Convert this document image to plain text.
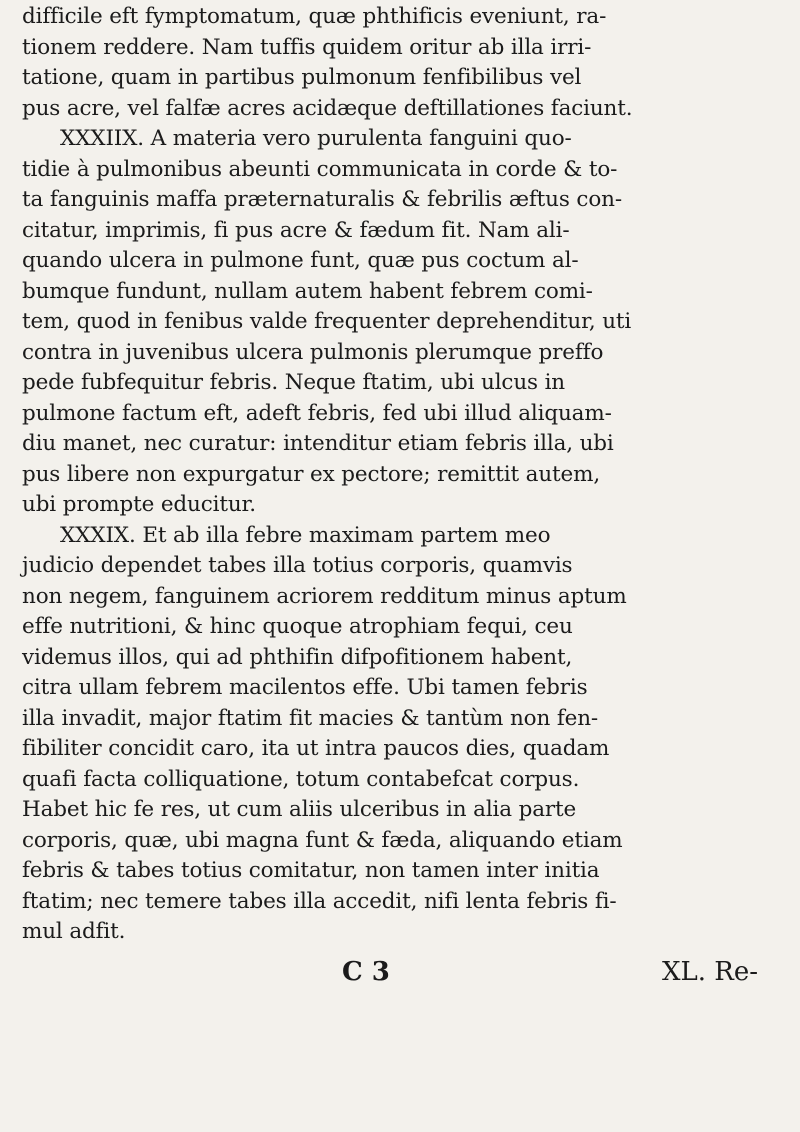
difficile eft fymptomatum, quæ phthificis eveniunt, ra-
tionem reddere. Nam tuffis quidem oritur ab illa irri-
tatione, quam in partibus pulmonum fenfibilibus vel
pus acre, vel falfæ acres acidæque deftillationes faciunt.
XXXIIX. A materia vero purulenta fanguini quo-
tidie à pulmonibus abeunti communicata in corde & to-
ta fanguinis maffa præternaturalis & febrilis æftus con-
citatur, imprimis, fi pus acre & fædum fit. Nam ali-
quando ulcera in pulmone funt, quæ pus coctum al-
bumque fundunt, nullam autem habent febrem comi-
tem, quod in fenibus valde frequenter deprehenditur, uti
contra in juvenibus ulcera pulmonis plerumque preffo
pede fubfequitur febris. Neque ftatim, ubi ulcus in
pulmone factum eft, adeft febris, fed ubi illud aliquam-
diu manet, nec curatur: intenditur etiam febris illa, ubi
pus libere non expurgatur ex pectore; remittit autem,
ubi prompte educitur.
XXXIX. Et ab illa febre maximam partem meo
judicio dependet tabes illa totius corporis, quamvis
non negem, fanguinem acriorem redditum minus aptum
effe nutritioni, & hinc quoque atrophiam fequi, ceu
videmus illos, qui ad phthifin difpofitionem habent,
citra ullam febrem macilentos effe. Ubi tamen febris
illa invadit, major ftatim fit macies & tantùm non fen-
fibiliter concidit caro, ita ut intra paucos dies, quadam
quafi facta colliquatione, totum contabefcat corpus.
Habet hic fe res, ut cum aliis ulceribus in alia parte
corporis, quæ, ubi magna funt & fæda, aliquando etiam
febris & tabes totius comitatur, non tamen inter initia
ftatim; nec temere tabes illa accedit, nifi lenta febris fi-
mul adfit.
C 3	XL. Re-
